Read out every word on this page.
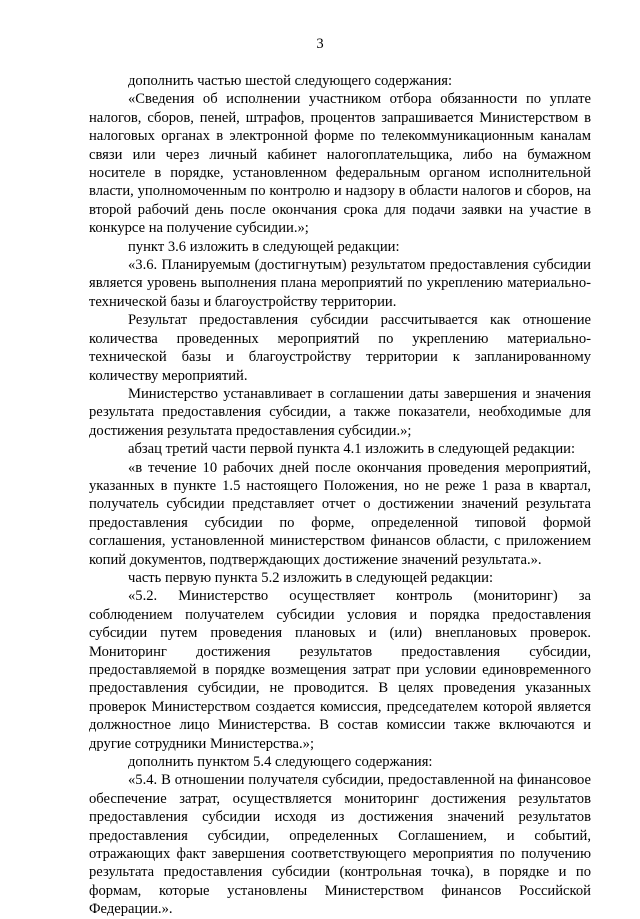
3

дополнить частью шестой следующего содержания:

«Сведения об исполнении участником отбора обязанности по уплате налогов, сборов, пеней, штрафов, процентов запрашивается Министерством в налоговых органах в электронной форме по телекоммуникационным каналам связи или через личный кабинет налогоплательщика, либо на бумажном носителе в порядке, установленном федеральным органом исполнительной власти, уполномоченным по контролю и надзору в области налогов и сборов, на второй рабочий день после окончания срока для подачи заявки на участие в конкурсе на получение субсидии.»;

пункт 3.6 изложить в следующей редакции:

«3.6. Планируемым (достигнутым) результатом предоставления субсидии является уровень выполнения плана мероприятий по укреплению материально-технической базы и благоустройству территории.

Результат предоставления субсидии рассчитывается как отношение количества проведенных мероприятий по укреплению материально-технической базы и благоустройству территории к запланированному количеству мероприятий.

Министерство устанавливает в соглашении даты завершения и значения результата предоставления субсидии, а также показатели, необходимые для достижения результата предоставления субсидии.»;

абзац третий части первой пункта 4.1 изложить в следующей редакции:

«в течение 10 рабочих дней после окончания проведения мероприятий, указанных в пункте 1.5 настоящего Положения, но не реже 1 раза в квартал, получатель субсидии представляет отчет о достижении значений результата предоставления субсидии по форме, определенной типовой формой соглашения, установленной министерством финансов области, с приложением копий документов, подтверждающих достижение значений результата.».

часть первую пункта 5.2 изложить в следующей редакции:

«5.2. Министерство осуществляет контроль (мониторинг) за соблюдением получателем субсидии условия и порядка предоставления субсидии путем проведения плановых и (или) внеплановых проверок. Мониторинг достижения результатов предоставления субсидии, предоставляемой в порядке возмещения затрат при условии единовременного предоставления субсидии, не проводится. В целях проведения указанных проверок Министерством создается комиссия, председателем которой является должностное лицо Министерства. В состав комиссии также включаются и другие сотрудники Министерства.»;

дополнить пунктом 5.4 следующего содержания:

«5.4. В отношении получателя субсидии, предоставленной на финансовое обеспечение затрат, осуществляется мониторинг достижения результатов предоставления субсидии исходя из достижения значений результатов предоставления субсидии, определенных Соглашением, и событий, отражающих факт завершения соответствующего мероприятия по получению результата предоставления субсидии (контрольная точка), в порядке и по формам, которые установлены Министерством финансов Российской Федерации.».
